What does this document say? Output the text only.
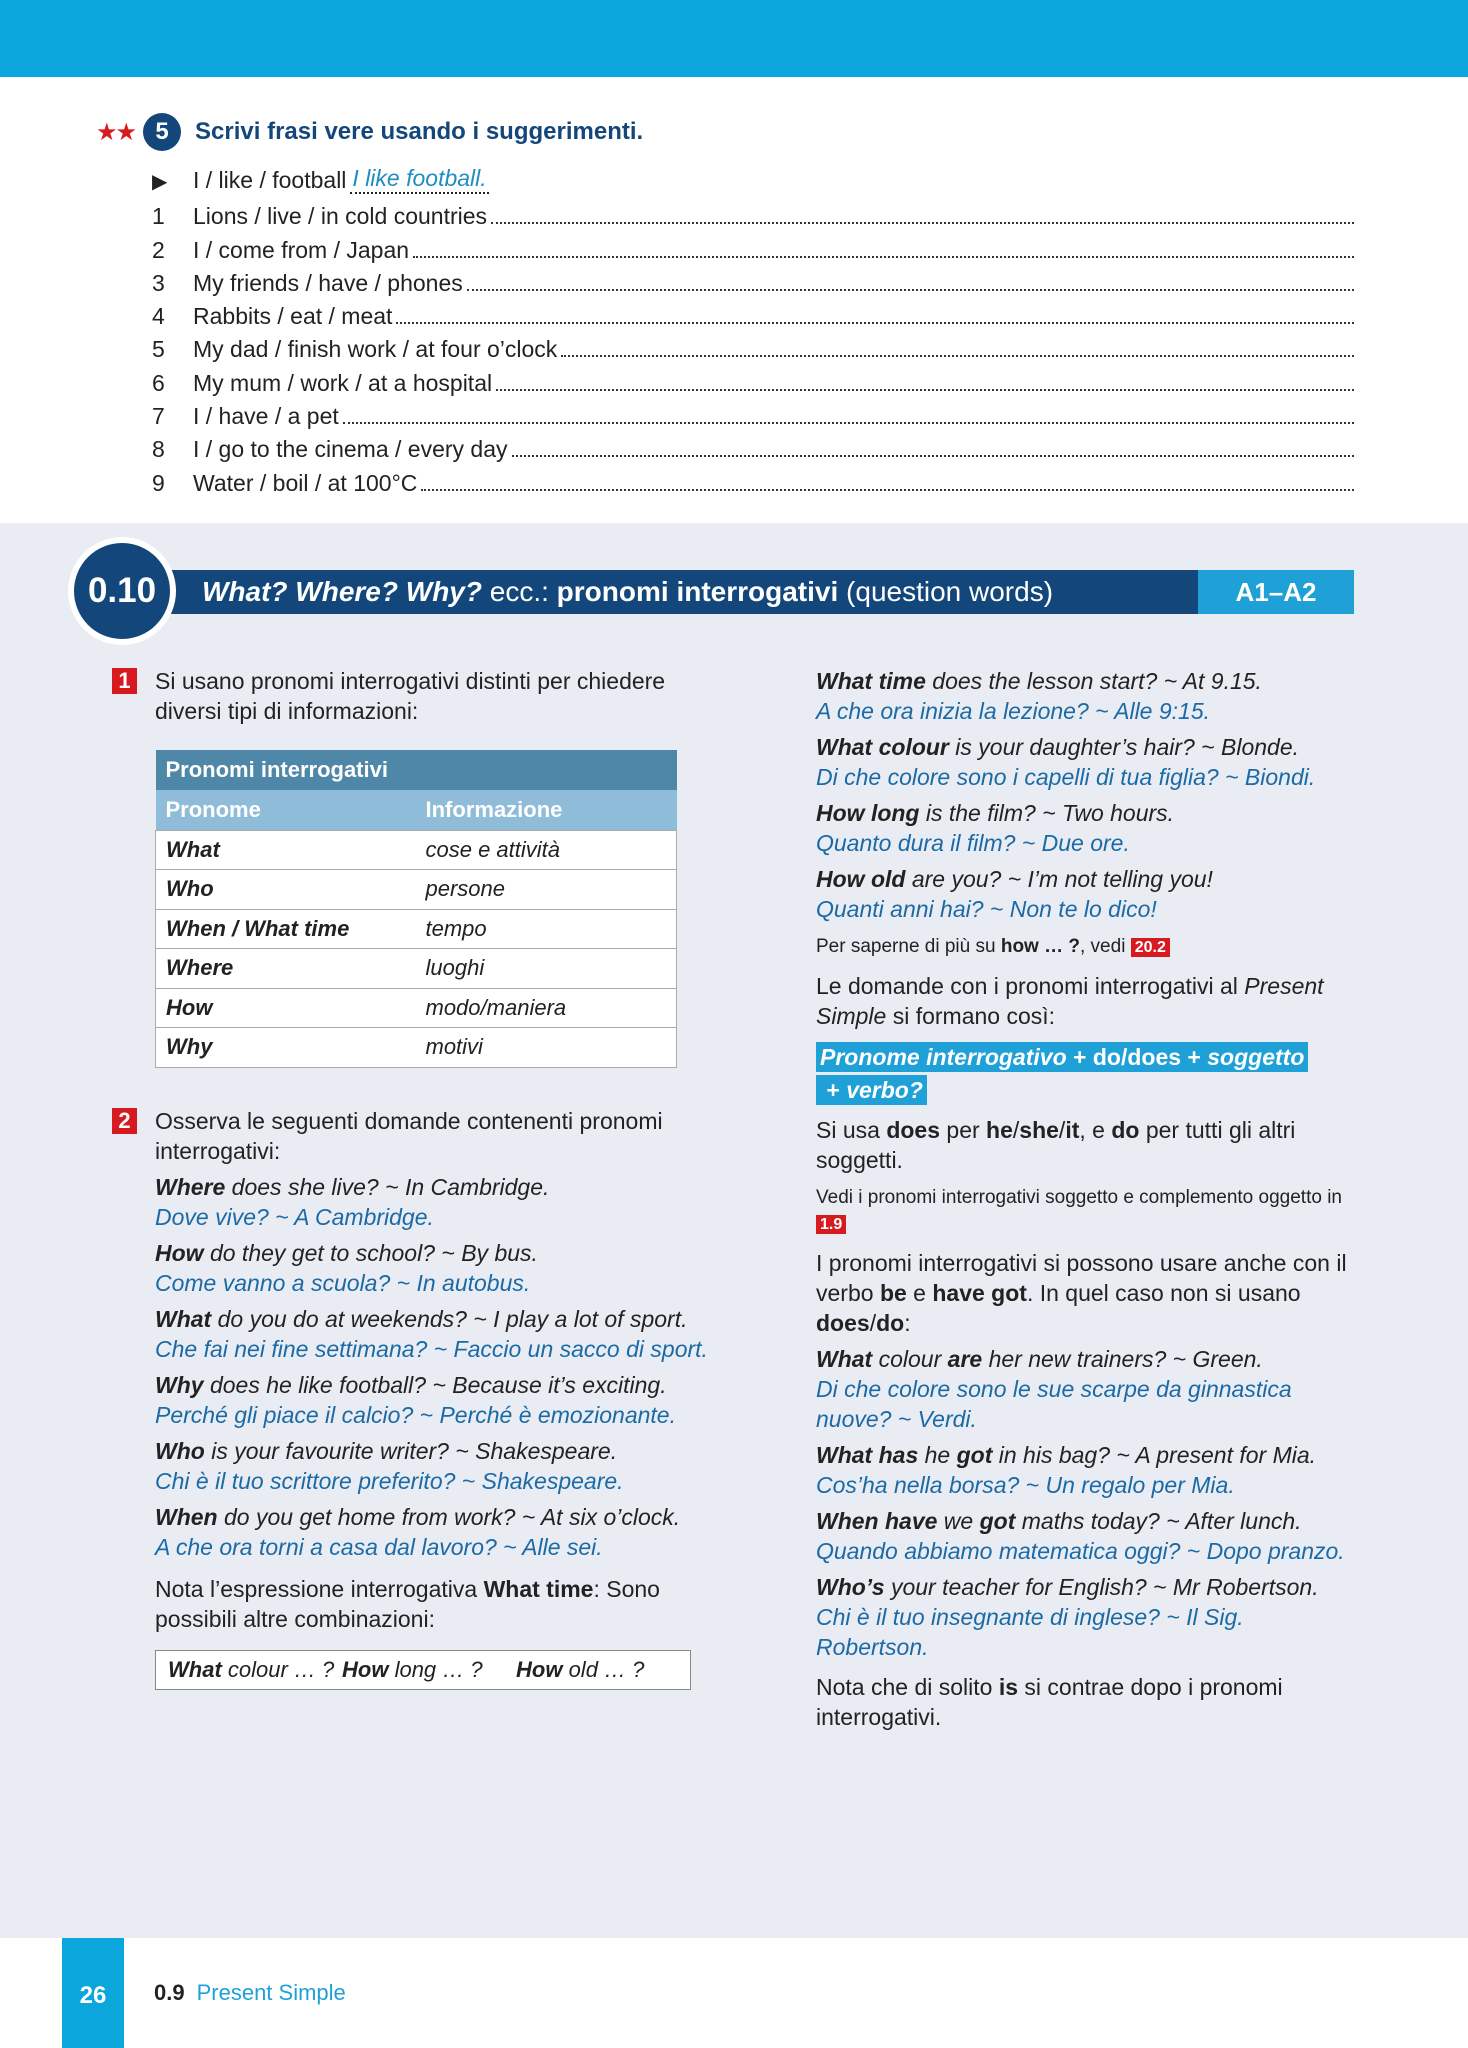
★★ 5	Scrivi frasi vere usando i suggerimenti.
▶	I / like / football I like football.
1	Lions / live / in cold countries
2	I / come from / Japan
3	My friends / have / phones
4	Rabbits / eat / meat
5	My dad / finish work / at four o’clock
6	My mum / work / at a hospital
7	I / have / a pet
8	I / go to the cinema / every day
9	Water / boil / at 100°C
0.10	What? Where? Why? ecc.: pronomi interrogativi (question words)	A1–A2
1 Si usano pronomi interrogativi distinti per chiedere diversi tipi di informazioni:

Pronomi interrogativi	
Pronome	Informazione
What	cose e attività
Who	persone
When / What time	tempo
Where	luoghi
How	modo/maniera
Why	motivi
2 Osserva le seguenti domande contenenti pronomi interrogativi:

Where does she live? ~ In Cambridge.
Dove vive? ~ A Cambridge.
How do they get to school? ~ By bus.
Come vanno a scuola? ~ In autobus.
What do you do at weekends? ~ I play a lot of sport.
Che fai nei fine settimana? ~ Faccio un sacco di sport.
Why does he like football? ~ Because it’s exciting.
Perché gli piace il calcio? ~ Perché è emozionante.
Who is your favourite writer? ~ Shakespeare.
Chi è il tuo scrittore preferito? ~ Shakespeare.
When do you get home from work? ~ At six o’clock.
A che ora torni a casa dal lavoro? ~ Alle sei.

Nota l’espressione interrogativa What time: Sono possibili altre combinazioni:

What colour … ? How long … ?	How old … ?
What time does the lesson start? ~ At 9.15.
A che ora inizia la lezione? ~ Alle 9:15.
What colour is your daughter’s hair? ~ Blonde.
Di che colore sono i capelli di tua figlia? ~ Biondi.
How long is the film? ~ Two hours.
Quanto dura il film? ~ Due ore.
How old are you? ~ I’m not telling you!
Quanti anni hai? ~ Non te lo dico!

Per saperne di più su how … ?, vedi 20.2

Le domande con i pronomi interrogativi al Present Simple si formano così:

Pronome interrogativo + do/does + soggetto + verbo?

Si usa does per he/she/it, e do per tutti gli altri soggetti.

Vedi i pronomi interrogativi soggetto e complemento oggetto in 1.9

I pronomi interrogativi si possono usare anche con il verbo be e have got. In quel caso non si usano does/do:

What colour are her new trainers? ~ Green.
Di che colore sono le sue scarpe da ginnastica nuove? ~ Verdi.
What has he got in his bag? ~ A present for Mia.
Cos’ha nella borsa? ~ Un regalo per Mia.
When have we got maths today? ~ After lunch.
Quando abbiamo matematica oggi? ~ Dopo pranzo.
Who’s your teacher for English? ~ Mr Robertson.
Chi è il tuo insegnante di inglese? ~ Il Sig. Robertson.

Nota che di solito is si contrae dopo i pronomi interrogativi.

26	0.9 Present Simple
